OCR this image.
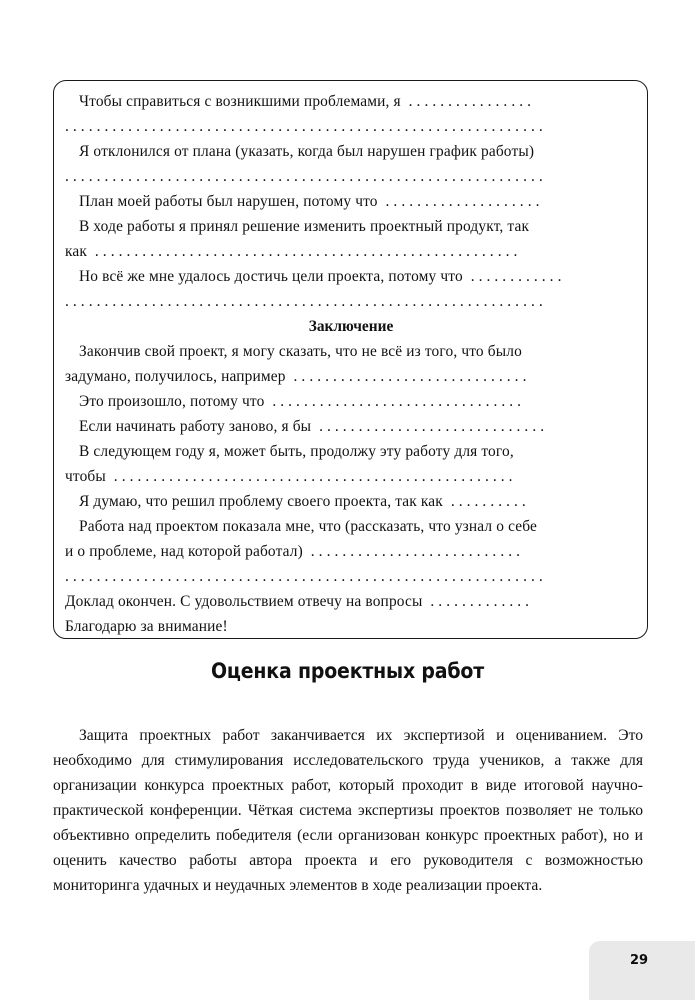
Чтобы справиться с возникшими проблемами, я ................
.............................................................
Я отклонился от плана (указать, когда был нарушен график работы)
.............................................................
План моей работы был нарушен, потому что ....................
В ходе работы я принял решение изменить проектный продукт, так
как ......................................................
Но всё же мне удалось достичь цели проекта, потому что ............
.............................................................
Заключение
Закончив свой проект, я могу сказать, что не всё из того, что было
задумано, получилось, например ..............................
Это произошло, потому что ................................
Если начинать работу заново, я бы .............................
В следующем году я, может быть, продолжу эту работу для того,
чтобы ...................................................
Я думаю, что решил проблему своего проекта, так как ..........
Работа над проектом показала мне, что (рассказать, что узнал о себе
и о проблеме, над которой работал) ...........................
.............................................................
Доклад окончен. С удовольствием отвечу на вопросы .............
Благодарю за внимание!
Оценка проектных работ

Защита проектных работ заканчивается их экспертизой и оцениванием. Это необходимо для стимулирования исследовательского труда учеников, а также для организации конкурса проектных работ, который проходит в виде итоговой научно-практической конференции. Чёткая система экспертизы проектов позволяет не только объективно определить победителя (если организован конкурс проектных работ), но и оценить качество работы автора проекта и его руководителя с возможностью мониторинга удачных и неудачных элементов в ходе реализации проекта.

29
